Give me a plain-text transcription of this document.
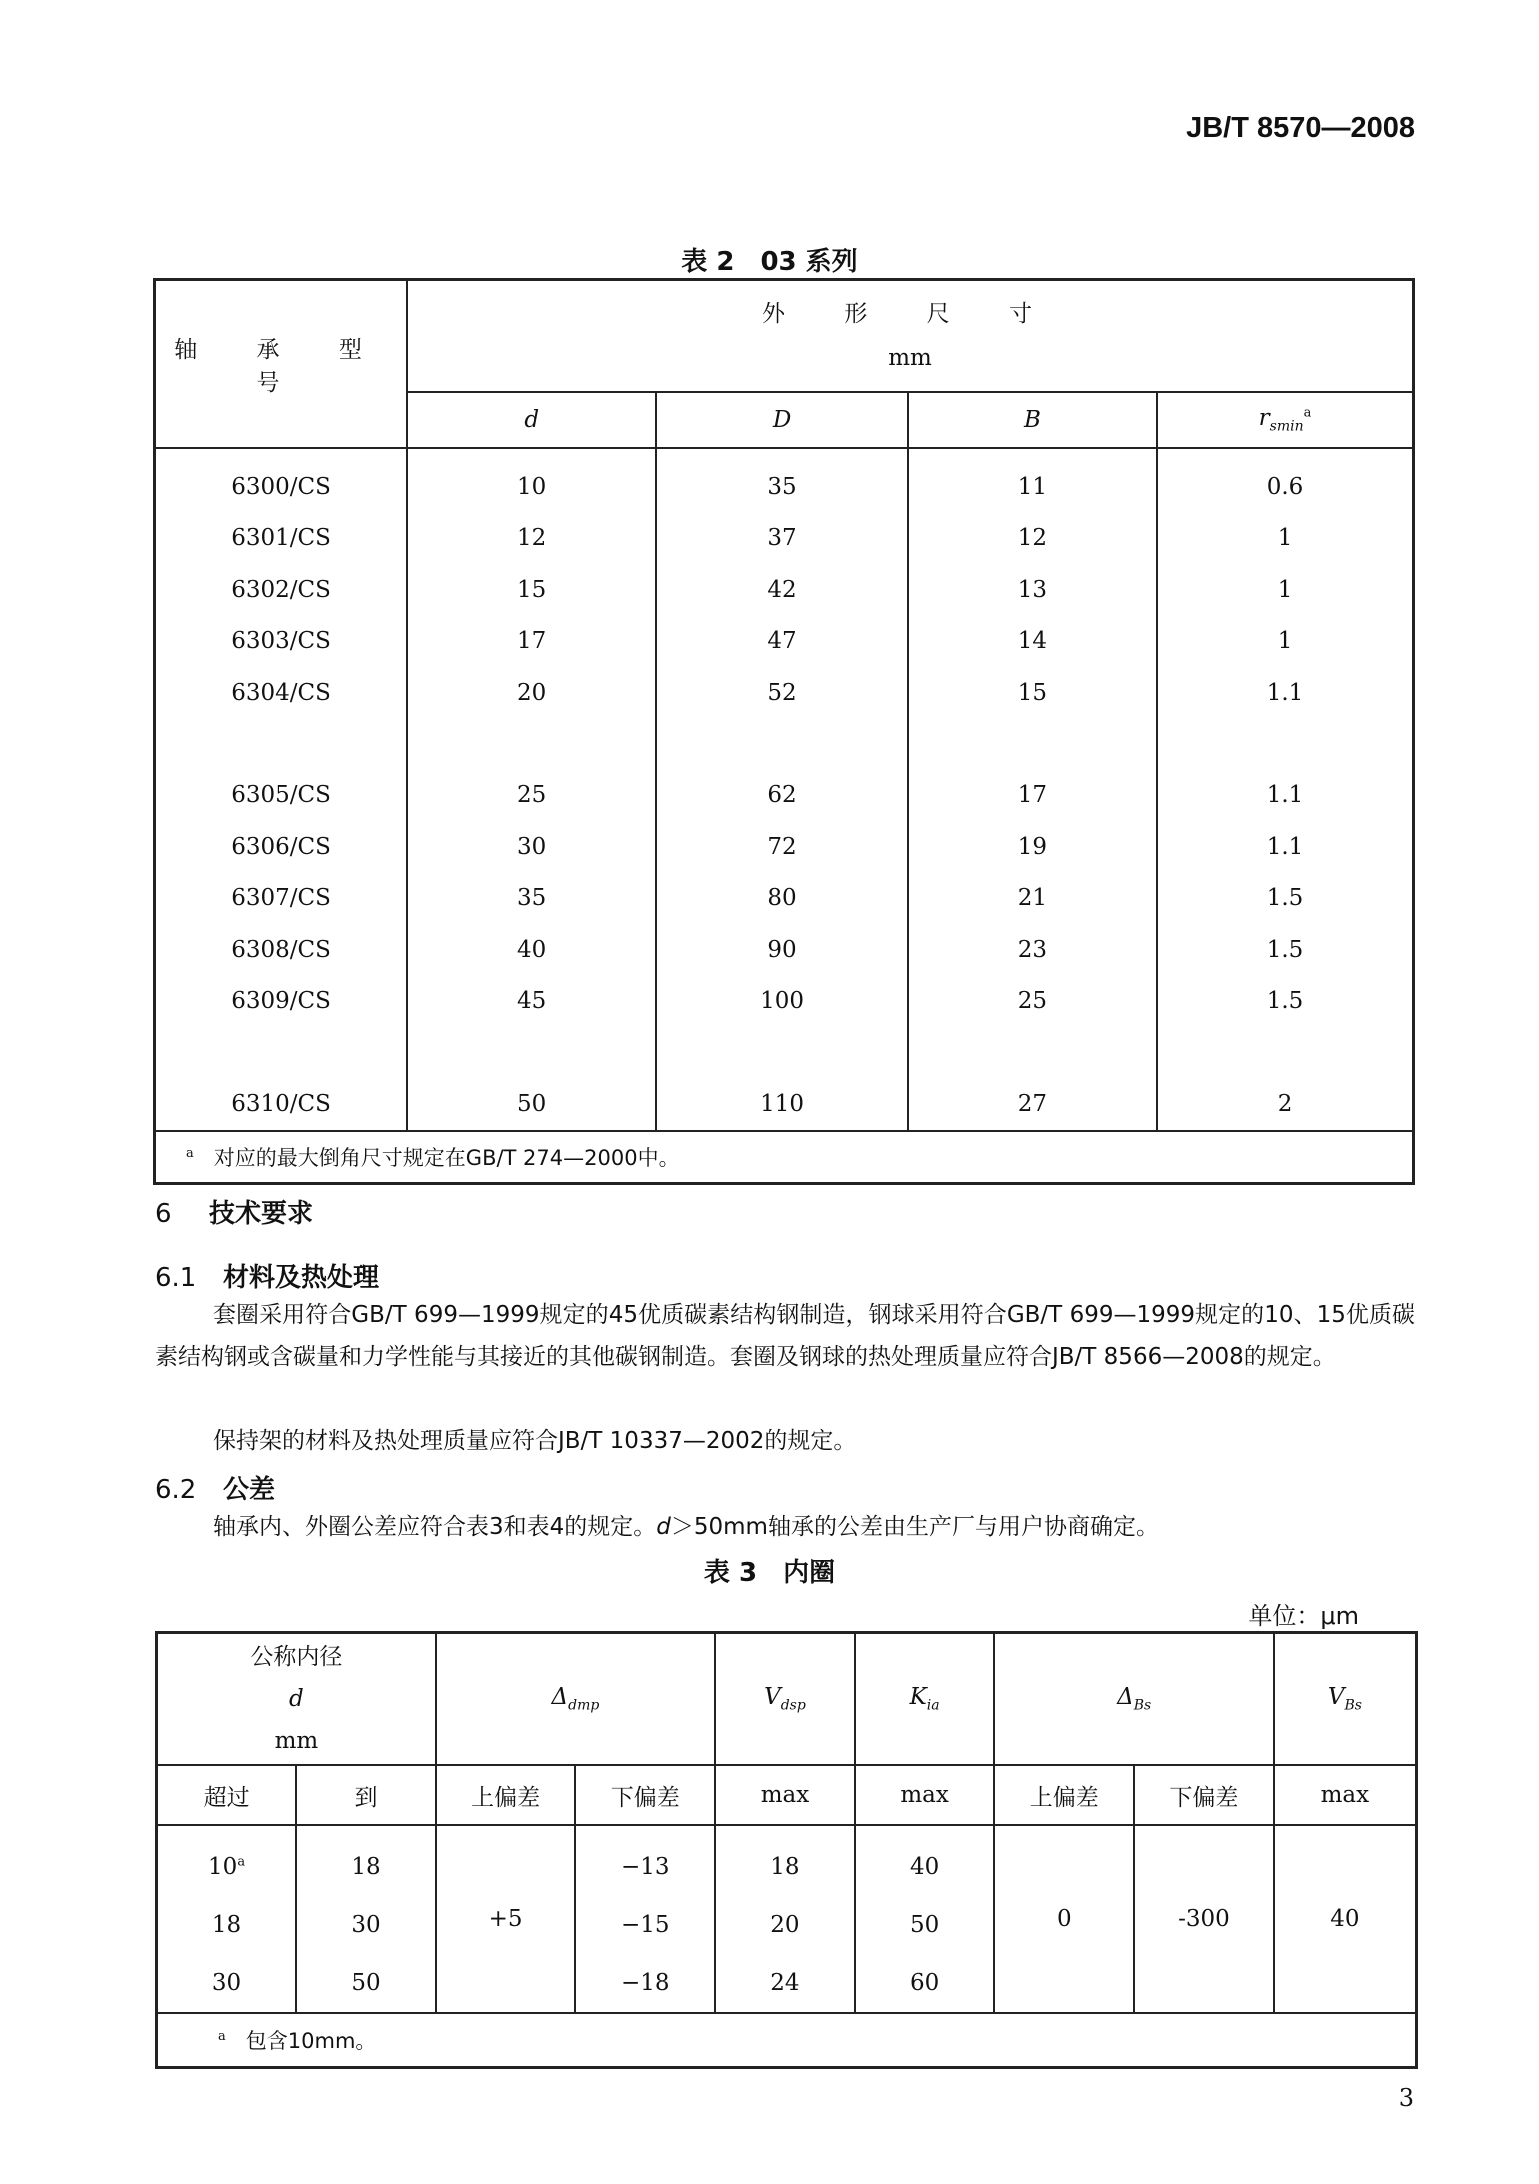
JB/T 8570—2008
表 2　03 系列
轴 承 型 号	外 形 尺 寸
mm			

	d	D	B	$r_{smin}^a$
6300/CS	10	35	11	0.6
6301/CS	12	37	12	1
6302/CS	15	42	13	1
6303/CS	17	47	14	1
6304/CS	20	52	15	1.1

6305/CS	25	62	17	1.1
6306/CS	30	72	19	1.1
6307/CS	35	80	21	1.5
6308/CS	40	90	23	1.5
6309/CS	45	100	25	1.5

6310/CS	50	110	27	2
$^a$ 对应的最大倒角尺寸规定在GB/T 274—2000中。				
6 技术要求
6.1 材料及热处理
套圈采用符合GB/T 699—1999规定的45优质碳素结构钢制造，钢球采用符合GB/T 699—1999规定的10、15优质碳素结构钢或含碳量和力学性能与其接近的其他碳钢制造。套圈及钢球的热处理质量应符合JB/T 8566—2008的规定。
保持架的材料及热处理质量应符合JB/T 10337—2002的规定。
6.2 公差
轴承内、外圈公差应符合表3和表4的规定。d＞50mm轴承的公差由生产厂与用户协商确定。
表 3　内圈
单位：μm
公称内径
d
mm		$\Delta_{dmp}$		$V_{dsp}$	$K_{ia}$	$\Delta_{Bs}$		$V_{Bs}$
超过	到	上偏差	下偏差	max	max	上偏差	下偏差	max
10$^a$	18	+5	−13	18	40	0	-300	40
18	30		−15	20	50			
30	50		−18	24	60			
$^a$ 包含10mm。								
3
